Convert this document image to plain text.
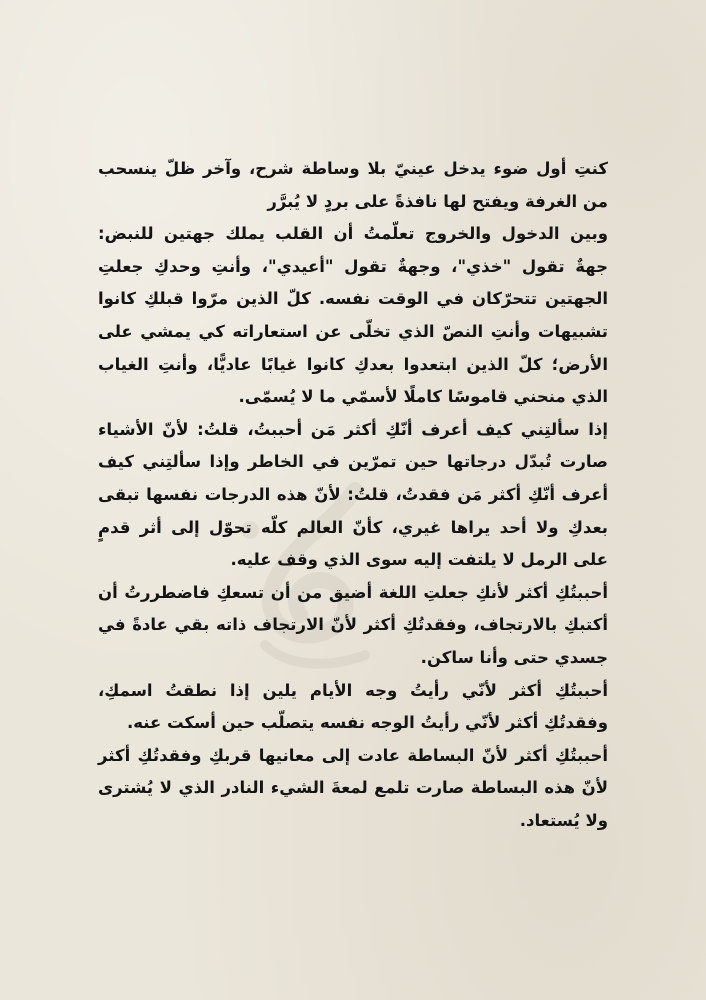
كنتِ أول ضوء يدخل عينيّ بلا وساطة شرح، وآخر ظلّ ينسحب من الغرفة ويفتح لها نافذةً على بردٍ لا يُبرَّر

وبين الدخول والخروج تعلّمتُ أن القلب يملك جهتين للنبض: جهةٌ تقول "خذي"، وجهةٌ تقول "أعيدي"، وأنتِ وحدكِ جعلتِ الجهتين تتحرّكان في الوقت نفسه. كلّ الذين مرّوا قبلكِ كانوا تشبيهات وأنتِ النصّ الذي تخلّى عن استعاراته كي يمشي على الأرض؛ كلّ الذين ابتعدوا بعدكِ كانوا غيابًا عاديًّا، وأنتِ الغياب الذي منحني قاموسًا كاملًا لأسمّي ما لا يُسمّى.

إذا سألتِني كيف أعرف أنّكِ أكثر مَن أحببتُ، قلتُ: لأنّ الأشياء صارت تُبدّل درجاتها حين تمرّين في الخاطر وإذا سألتِني كيف أعرف أنّكِ أكثر مَن فقدتُ، قلتُ: لأنّ هذه الدرجات نفسها تبقى بعدكِ ولا أحد يراها غيري، كأنّ العالم كلّه تحوّل إلى أثر قدمٍ على الرمل لا يلتفت إليه سوى الذي وقف عليه.

أحببتُكِ أكثر لأنكِ جعلتِ اللغة أضيق من أن تسعكِ فاضطررتُ أن أكتبكِ بالارتجاف، وفقدتُكِ أكثر لأنّ الارتجاف ذاته بقي عادةً في جسدي حتى وأنا ساكن.

أحببتُكِ أكثر لأنّي رأيتُ وجه الأيام يلين إذا نطقتُ اسمكِ، وفقدتُكِ أكثر لأنّي رأيتُ الوجه نفسه يتصلّب حين أسكت عنه.

أحببتُكِ أكثر لأنّ البساطة عادت إلى معانيها قربكِ وفقدتُكِ أكثر لأنّ هذه البساطة صارت تلمع لمعةَ الشيء النادر الذي لا يُشترى ولا يُستعاد.
